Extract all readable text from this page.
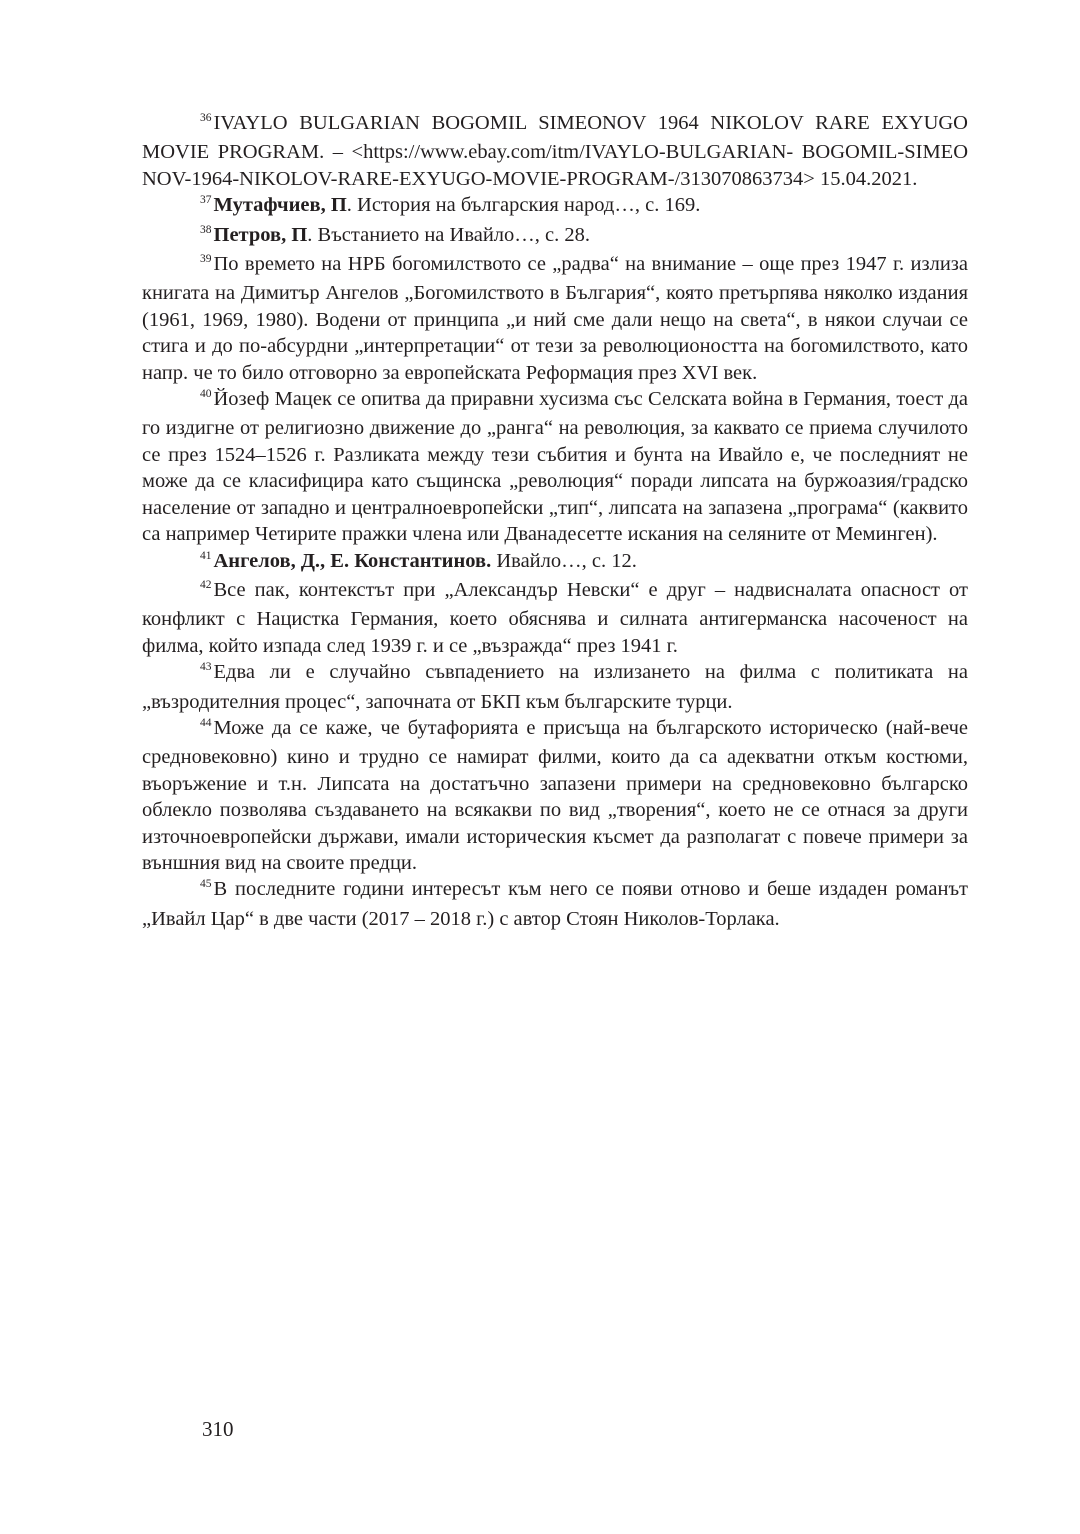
$^{36}$IVAYLO BULGARIAN BOGOMIL SIMEONOV 1964 NIKOLOV RARE EXYUGO MOVIE PROGRAM. – <https://www.ebay.com/itm/IVAYLO-BULGARIAN- BOGOMIL-SIMEONOV-1964-NIKOLOV-RARE-EXYUGO-MOVIE-PROGRAM-/313070863734> 15.04.2021.

$^{37}$Мутафчиев, П. История на българския народ…, с. 169.

$^{38}$Петров, П. Въстанието на Ивайло…, с. 28.

$^{39}$По времето на НРБ богомилството се „радва“ на внимание – още през 1947 г. излиза книгата на Димитър Ангелов „Богомилството в България“, която претърпява няколко издания (1961, 1969, 1980). Водени от принципа „и ний сме дали нещо на света“, в някои случаи се стига и до по-абсурдни „интерпретации“ от тези за революциоността на богомилството, като напр. че то било отговорно за европейската Реформация през XVI век.

$^{40}$Йозеф Мацек се опитва да приравни хусизма със Селската война в Германия, тоест да го издигне от религиозно движение до „ранга“ на революция, за каквато се приема случилото се през 1524–1526 г. Разликата между тези събития и бунта на Ивайло е, че последният не може да се класифицира като същинска „революция“ поради липсата на буржоазия/градско население от западно и централноевропейски „тип“, липсата на запазена „програма“ (каквито са например Четирите пражки члена или Дванадесетте искания на селяните от Меминген).

$^{41}$Ангелов, Д., Е. Константинов. Ивайло…, с. 12.

$^{42}$Все пак, контекстът при „Александър Невски“ е друг – надвисналата опасност от конфликт с Нацистка Германия, което обяснява и силната антигерманска насоченост на филма, който изпада след 1939 г. и се „възражда“ през 1941 г.

$^{43}$Едва ли е случайно съвпадението на излизането на филма с политиката на „възродителния процес“, започната от БКП към българските турци.

$^{44}$Може да се каже, че бутафорията е присъща на българското историческо (най-вече средновековно) кино и трудно се намират филми, които да са адекватни откъм костюми, въоръжение и т.н. Липсата на достатъчно запазени примери на средновековно българско облекло позволява създаването на всякакви по вид „творения“, което не се отнася за други източноевропейски държави, имали историческия късмет да разполагат с повече примери за външния вид на своите предци.

$^{45}$В последните години интересът към него се появи отново и беше издаден романът „Ивайл Цар“ в две части (2017 – 2018 г.) с автор Стоян Николов-Торлака.

310
